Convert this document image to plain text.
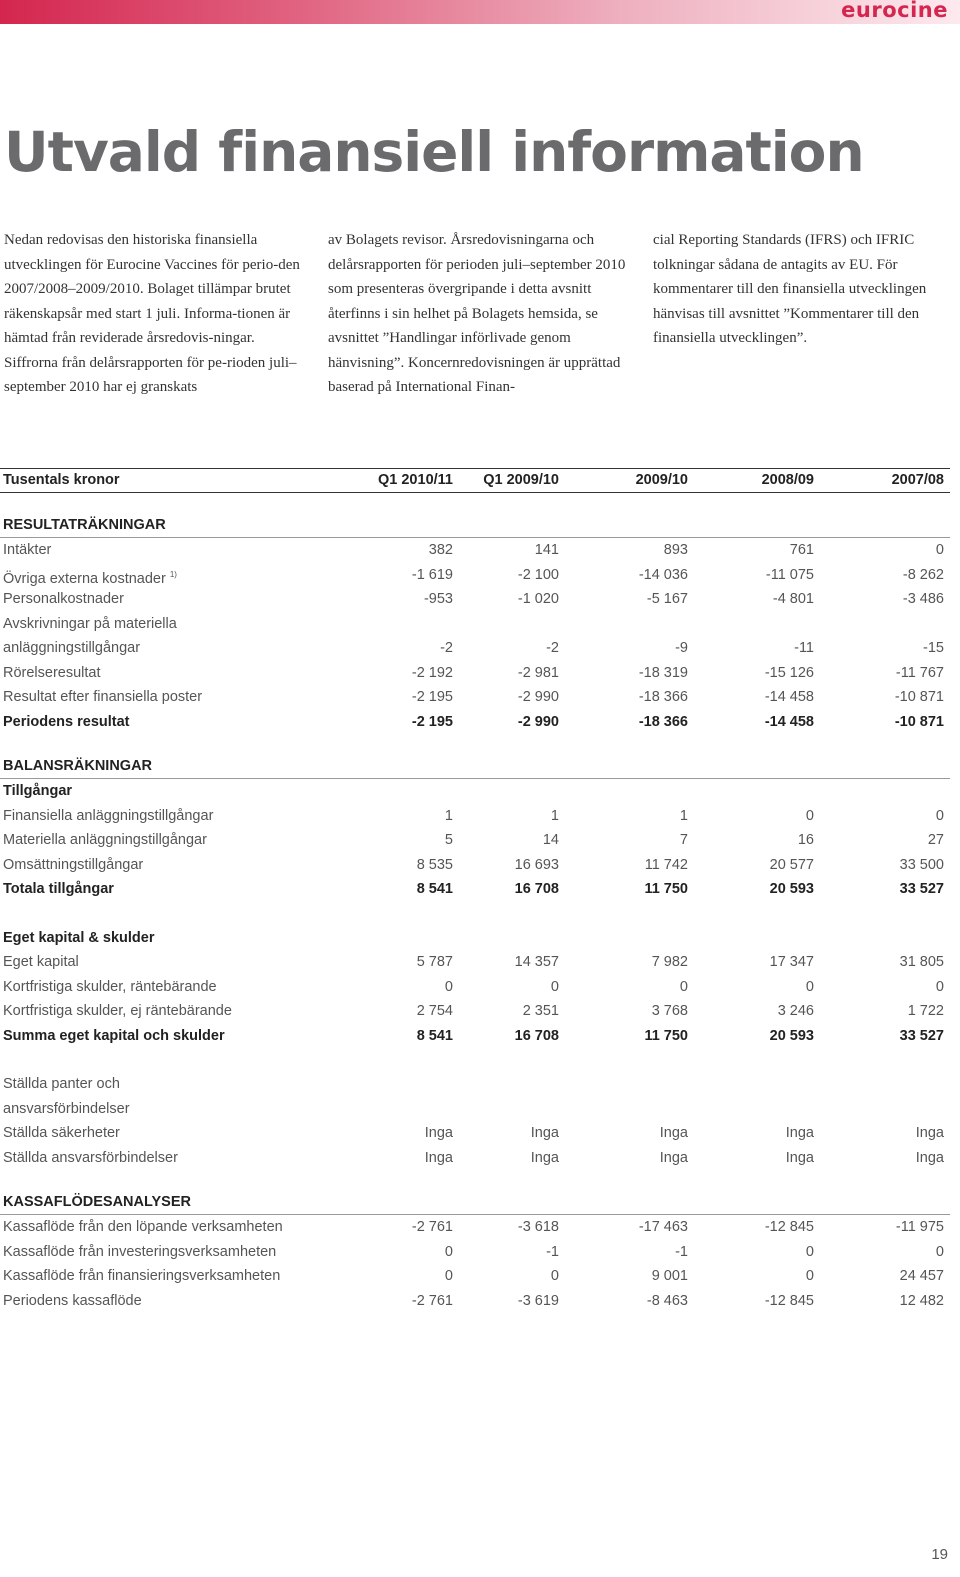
eurocine
Utvald finansiell information

Nedan redovisas den historiska finansiella utvecklingen för Eurocine Vaccines för perio-den 2007/2008–2009/2010. Bolaget tillämpar brutet räkenskapsår med start 1 juli. Informa-tionen är hämtad från reviderade årsredovis-ningar. Siffrorna från delårsrapporten för pe-rioden juli–september 2010 har ej granskats

av Bolagets revisor. Årsredovisningarna och delårsrapporten för perioden juli–september 2010 som presenteras övergripande i detta avsnitt återfinns i sin helhet på Bolagets hemsida, se avsnittet ”Handlingar införlivade genom hänvisning”. Koncernredovisningen är upprättad baserad på International Finan-

cial Reporting Standards (IFRS) och IFRIC tolkningar sådana de antagits av EU. För kommentarer till den finansiella utvecklingen hänvisas till avsnittet ”Kommentarer till den finansiella utvecklingen”.

Tusentals kronor	Q1 2010/11	Q1 2009/10	2009/10	2008/09	2007/08
RESULTATRÄKNINGAR
Intäkter	382	141	893	761	0
Övriga externa kostnader $^{1)}$	-1 619	-2 100	-14 036	-11 075	-8 262
Personalkostnader	-953	-1 020	-5 167	-4 801	-3 486
Avskrivningar på materiella
anläggningstillgångar	-2	-2	-9	-11	-15
Rörelseresultat	-2 192	-2 981	-18 319	-15 126	-11 767
Resultat efter finansiella poster	-2 195	-2 990	-18 366	-14 458	-10 871
Periodens resultat	-2 195	-2 990	-18 366	-14 458	-10 871
BALANSRÄKNINGAR
Tillgångar
Finansiella anläggningstillgångar	1	1	1	0	0
Materiella anläggningstillgångar	5	14	7	16	27
Omsättningstillgångar	8 535	16 693	11 742	20 577	33 500
Totala tillgångar	8 541	16 708	11 750	20 593	33 527
Eget kapital & skulder
Eget kapital	5 787	14 357	7 982	17 347	31 805
Kortfristiga skulder, räntebärande	0	0	0	0	0
Kortfristiga skulder, ej räntebärande	2 754	2 351	3 768	3 246	1 722
Summa eget kapital och skulder	8 541	16 708	11 750	20 593	33 527
Ställda panter och
ansvarsförbindelser
Ställda säkerheter	Inga	Inga	Inga	Inga	Inga
Ställda ansvarsförbindelser	Inga	Inga	Inga	Inga	Inga
KASSAFLÖDESANALYSER
Kassaflöde från den löpande verksamheten	-2 761	-3 618	-17 463	-12 845	-11 975
Kassaflöde från investeringsverksamheten	0	-1	-1	0	0
Kassaflöde från finansieringsverksamheten	0	0	9 001	0	24 457
Periodens kassaflöde	-2 761	-3 619	-8 463	-12 845	12 482
19
